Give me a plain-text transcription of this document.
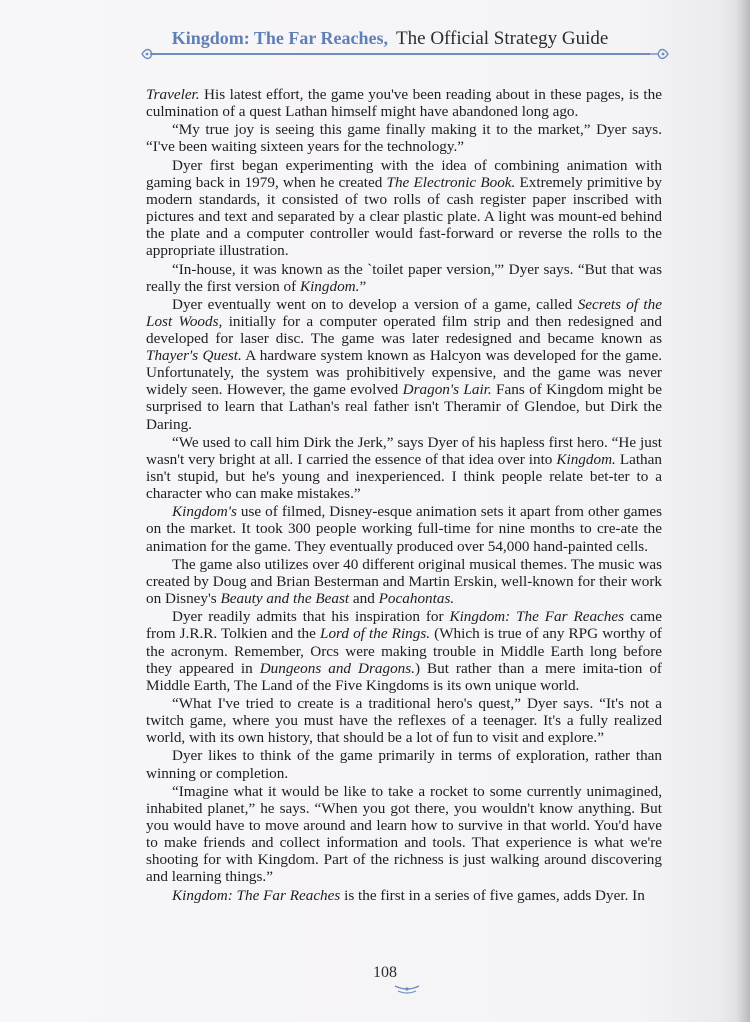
Kingdom: The Far Reaches, The Official Strategy Guide

Traveler. His latest effort, the game you've been reading about in these pages, is the culmination of a quest Lathan himself might have abandoned long ago.

“My true joy is seeing this game finally making it to the market,” Dyer says. “I've been waiting sixteen years for the technology.”

Dyer first began experimenting with the idea of combining animation with gaming back in 1979, when he created The Electronic Book. Extremely primitive by modern standards, it consisted of two rolls of cash register paper inscribed with pictures and text and separated by a clear plastic plate. A light was mount-ed behind the plate and a computer controller would fast-forward or reverse the rolls to the appropriate illustration.

“In-house, it was known as the `toilet paper version,'” Dyer says. “But that was really the first version of Kingdom.”

Dyer eventually went on to develop a version of a game, called Secrets of the Lost Woods, initially for a computer operated film strip and then redesigned and developed for laser disc. The game was later redesigned and became known as Thayer's Quest. A hardware system known as Halcyon was developed for the game. Unfortunately, the system was prohibitively expensive, and the game was never widely seen. However, the game evolved Dragon's Lair. Fans of Kingdom might be surprised to learn that Lathan's real father isn't Theramir of Glendoe, but Dirk the Daring.

“We used to call him Dirk the Jerk,” says Dyer of his hapless first hero. “He just wasn't very bright at all. I carried the essence of that idea over into Kingdom. Lathan isn't stupid, but he's young and inexperienced. I think people relate bet-ter to a character who can make mistakes.”

Kingdom's use of filmed, Disney-esque animation sets it apart from other games on the market. It took 300 people working full-time for nine months to cre-ate the animation for the game. They eventually produced over 54,000 hand-painted cells.

The game also utilizes over 40 different original musical themes. The music was created by Doug and Brian Besterman and Martin Erskin, well-known for their work on Disney's Beauty and the Beast and Pocahontas.

Dyer readily admits that his inspiration for Kingdom: The Far Reaches came from J.R.R. Tolkien and the Lord of the Rings. (Which is true of any RPG worthy of the acronym. Remember, Orcs were making trouble in Middle Earth long before they appeared in Dungeons and Dragons.) But rather than a mere imita-tion of Middle Earth, The Land of the Five Kingdoms is its own unique world.

“What I've tried to create is a traditional hero's quest,” Dyer says. “It's not a twitch game, where you must have the reflexes of a teenager. It's a fully realized world, with its own history, that should be a lot of fun to visit and explore.”

Dyer likes to think of the game primarily in terms of exploration, rather than winning or completion.

“Imagine what it would be like to take a rocket to some currently unimagined, inhabited planet,” he says. “When you got there, you wouldn't know anything. But you would have to move around and learn how to survive in that world. You'd have to make friends and collect information and tools. That experience is what we're shooting for with Kingdom. Part of the richness is just walking around discovering and learning things.”

Kingdom: The Far Reaches is the first in a series of five games, adds Dyer. In

108
